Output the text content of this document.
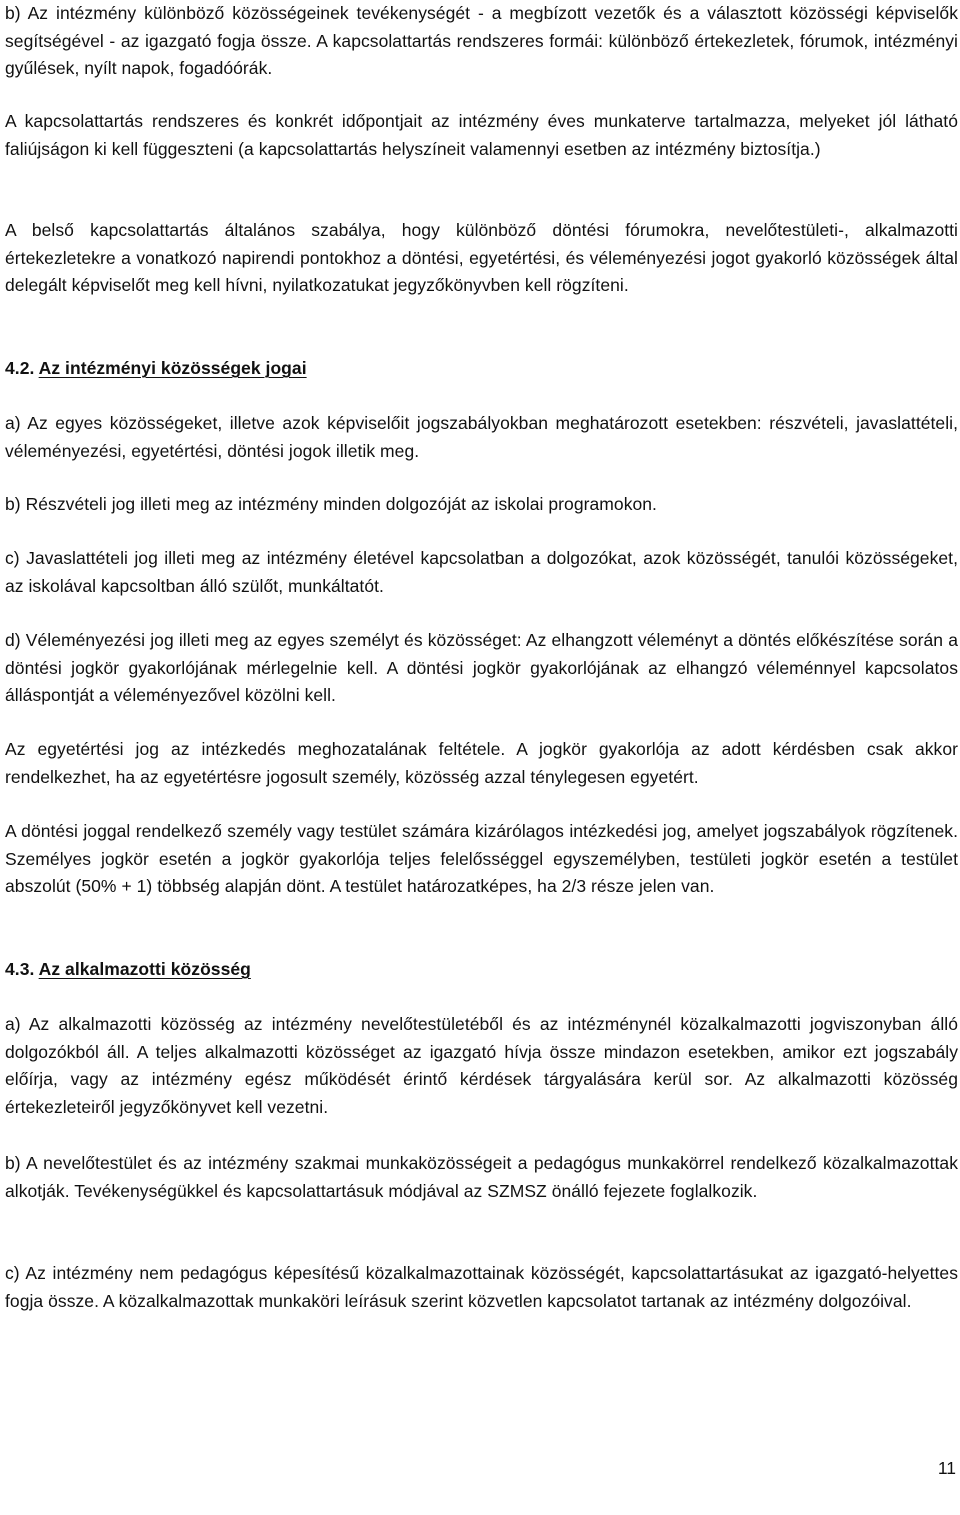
b) Az intézmény különböző közösségeinek tevékenységét - a megbízott vezetők és a választott közösségi képviselők segítségével - az igazgató fogja össze. A kapcsolattartás rendszeres formái: különböző értekezletek, fórumok, intézményi gyűlések, nyílt napok, fogadóórák.

A kapcsolattartás rendszeres és konkrét időpontjait az intézmény éves munkaterve tartalmazza, melyeket jól látható faliújságon ki kell függeszteni (a kapcsolattartás helyszíneit valamennyi esetben az intézmény biztosítja.)

A belső kapcsolattartás általános szabálya, hogy különböző döntési fórumokra, nevelőtestületi-, alkalmazotti értekezletekre a vonatkozó napirendi pontokhoz a döntési, egyetértési, és véleményezési jogot gyakorló közösségek által delegált képviselőt meg kell hívni, nyilatkozatukat jegyzőkönyvben kell rögzíteni.

4.2. Az intézményi közösségek jogai

a) Az egyes közösségeket, illetve azok képviselőit jogszabályokban meghatározott esetekben: részvételi, javaslattételi, véleményezési, egyetértési, döntési jogok illetik meg.

b) Részvételi jog illeti meg az intézmény minden dolgozóját az iskolai programokon.

c) Javaslattételi jog illeti meg az intézmény életével kapcsolatban a dolgozókat, azok közösségét, tanulói közösségeket, az iskolával kapcsoltban álló szülőt, munkáltatót.

d) Véleményezési jog illeti meg az egyes személyt és közösséget: Az elhangzott véleményt a döntés előkészítése során a döntési jogkör gyakorlójának mérlegelnie kell. A döntési jogkör gyakorlójának az elhangzó véleménnyel kapcsolatos álláspontját a véleményezővel közölni kell.

Az egyetértési jog az intézkedés meghozatalának feltétele. A jogkör gyakorlója az adott kérdésben csak akkor rendelkezhet, ha az egyetértésre jogosult személy, közösség azzal ténylegesen egyetért.

A döntési joggal rendelkező személy vagy testület számára kizárólagos intézkedési jog, amelyet jogszabályok rögzítenek. Személyes jogkör esetén a jogkör gyakorlója teljes felelősséggel egyszemélyben, testületi jogkör esetén a testület abszolút (50% + 1) többség alapján dönt. A testület határozatképes, ha 2/3 része jelen van.

4.3. Az alkalmazotti közösség

a) Az alkalmazotti közösség az intézmény nevelőtestületéből és az intézménynél közalkalmazotti jogviszonyban álló dolgozókból áll. A teljes alkalmazotti közösséget az igazgató hívja össze mindazon esetekben, amikor ezt jogszabály előírja, vagy az intézmény egész működését érintő kérdések tárgyalására kerül sor. Az alkalmazotti közösség értekezleteiről jegyzőkönyvet kell vezetni.

b) A nevelőtestület és az intézmény szakmai munkaközösségeit a pedagógus munkakörrel rendelkező közalkalmazottak alkotják. Tevékenységükkel és kapcsolattartásuk módjával az SZMSZ önálló fejezete foglalkozik.

c) Az intézmény nem pedagógus képesítésű közalkalmazottainak közösségét, kapcsolattartásukat az igazgató-helyettes fogja össze. A közalkalmazottak munkaköri leírásuk szerint közvetlen kapcsolatot tartanak az intézmény dolgozóival.

11
